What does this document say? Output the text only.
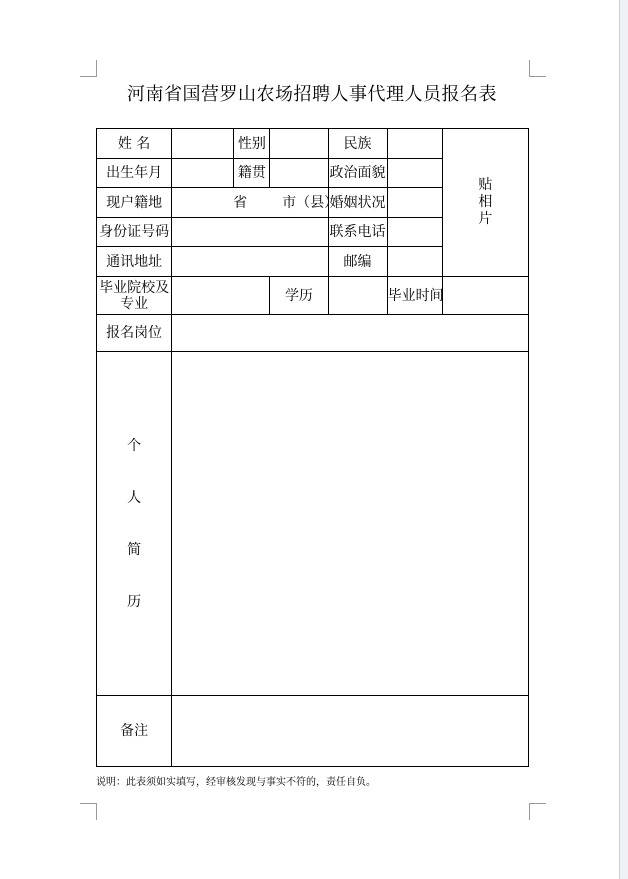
河南省国营罗山农场招聘人事代理人员报名表
姓 名		性别		民族		贴相片
出生年月		籍贯		政治面貌		
现户籍地	省 市（县）			婚姻状况		
身份证号码				联系电话		
通讯地址				邮编		
毕业院校及专业			学历		毕业时间	
报名岗位						
个人简历						
备注						
说明：此表须如实填写，经审核发现与事实不符的，责任自负。
